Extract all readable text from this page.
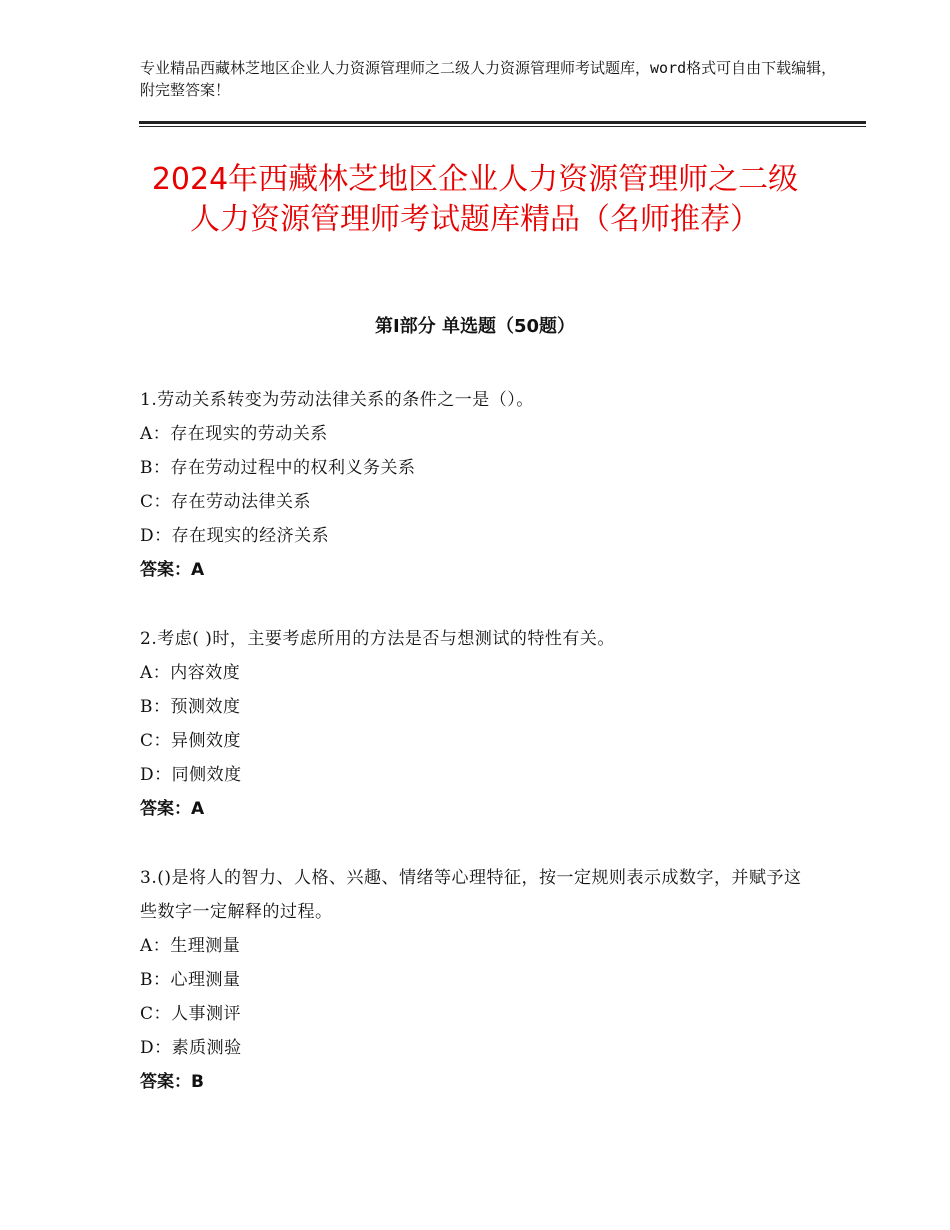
专业精品西藏林芝地区企业人力资源管理师之二级人力资源管理师考试题库，word格式可自由下载编辑，附完整答案！
2024年西藏林芝地区企业人力资源管理师之二级人力资源管理师考试题库精品（名师推荐）
第Ⅰ部分 单选题（50题）

1.劳动关系转变为劳动法律关系的条件之一是（）。

A：存在现实的劳动关系

B：存在劳动过程中的权利义务关系

C：存在劳动法律关系

D：存在现实的经济关系

答案：A

2.考虑( )时，主要考虑所用的方法是否与想测试的特性有关。

A：内容效度

B：预测效度

C：异侧效度

D：同侧效度

答案：A

3.()是将人的智力、人格、兴趣、情绪等心理特征，按一定规则表示成数字，并赋予这些数字一定解释的过程。

A：生理测量

B：心理测量

C：人事测评

D：素质测验

答案：B
